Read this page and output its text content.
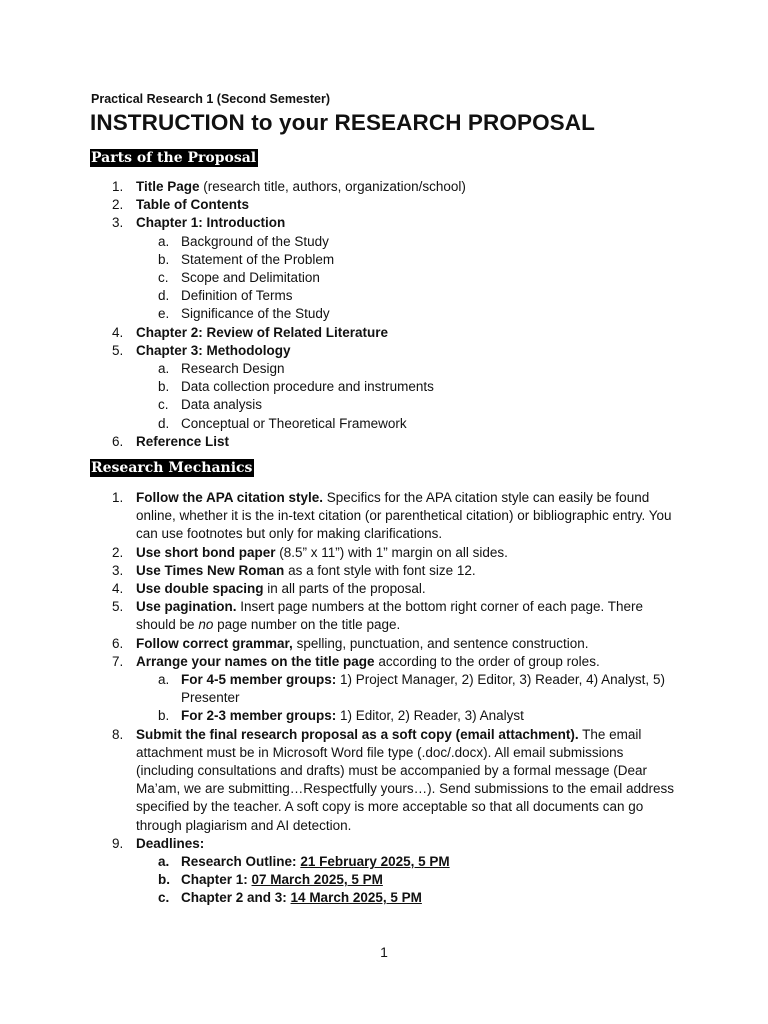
Practical Research 1 (Second Semester)
INSTRUCTION to your RESEARCH PROPOSAL
Parts of the Proposal
1. Title Page (research title, authors, organization/school)
2. Table of Contents
3. Chapter 1: Introduction
a. Background of the Study
b. Statement of the Problem
c. Scope and Delimitation
d. Definition of Terms
e. Significance of the Study
4. Chapter 2: Review of Related Literature
5. Chapter 3: Methodology
a. Research Design
b. Data collection procedure and instruments
c. Data analysis
d. Conceptual or Theoretical Framework
6. Reference List
Research Mechanics
1. Follow the APA citation style. Specifics for the APA citation style can easily be found online, whether it is the in-text citation (or parenthetical citation) or bibliographic entry. You can use footnotes but only for making clarifications.
2. Use short bond paper (8.5” x 11”) with 1” margin on all sides.
3. Use Times New Roman as a font style with font size 12.
4. Use double spacing in all parts of the proposal.
5. Use pagination. Insert page numbers at the bottom right corner of each page. There should be no page number on the title page.
6. Follow correct grammar, spelling, punctuation, and sentence construction.
7. Arrange your names on the title page according to the order of group roles.
a. For 4-5 member groups: 1) Project Manager, 2) Editor, 3) Reader, 4) Analyst, 5) Presenter
b. For 2-3 member groups: 1) Editor, 2) Reader, 3) Analyst
8. Submit the final research proposal as a soft copy (email attachment). The email attachment must be in Microsoft Word file type (.doc/.docx). All email submissions (including consultations and drafts) must be accompanied by a formal message (Dear Ma’am, we are submitting…Respectfully yours…). Send submissions to the email address specified by the teacher. A soft copy is more acceptable so that all documents can go through plagiarism and AI detection.
9. Deadlines:
a. Research Outline: 21 February 2025, 5 PM
b. Chapter 1: 07 March 2025, 5 PM
c. Chapter 2 and 3: 14 March 2025, 5 PM
1
